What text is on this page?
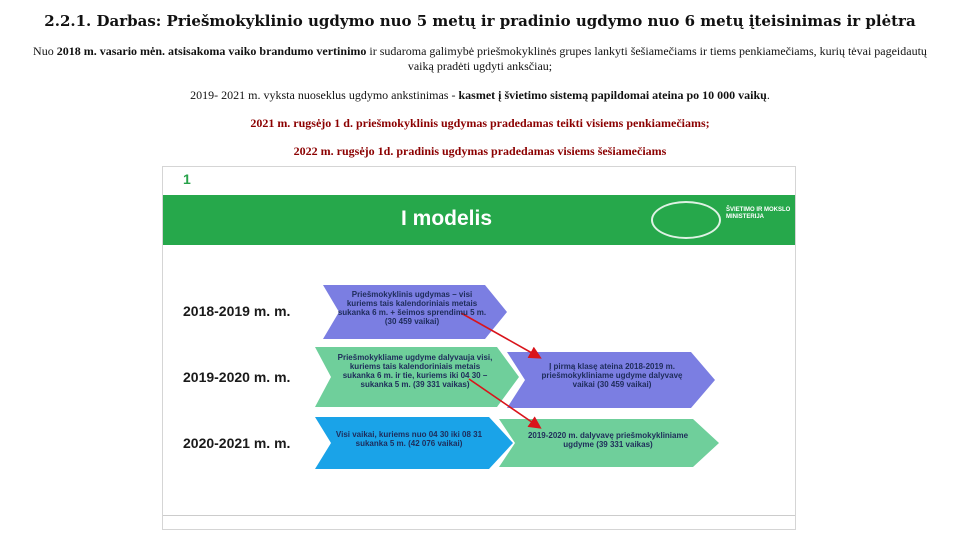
2.2.1. Darbas: Priešmokyklinio ugdymo nuo 5 metų ir pradinio ugdymo nuo 6 metų įteisinimas ir plėtra
Nuo 2018 m. vasario mėn. atsisakoma vaiko brandumo vertinimo ir sudaroma galimybė priešmokyklinės grupes lankyti šešiamečiams ir tiems penkiamečiams, kurių tėvai pageidautų vaiką pradėti ugdyti anksčiau;
2019- 2021 m. vyksta nuoseklus ugdymo ankstinimas - kasmet į švietimo sistemą papildomai ateina po 10 000 vaikų.
2021 m. rugsėjo 1 d. priešmokyklinis ugdymas pradedamas teikti visiems penkiamečiams;
2022 m. rugsėjo 1d. pradinis ugdymas pradedamas visiems šešiamečiams
1
I modelis	ŠVIETIMO IR MOKSLO MINISTERIJA
2018-2019 m. m.
2019-2020 m. m.
2020-2021 m. m.
Priešmokyklinis ugdymas – visi kuriems tais kalendoriniais metais sukanka 6 m. + šeimos sprendimu 5 m. (30 459 vaikai)
Priešmokykliame ugdyme dalyvauja visi, kuriems tais kalendoriniais metais sukanka 6 m. ir tie, kuriems iki 04 30 – sukanka 5 m. (39 331 vaikas)
Į pirmą klasę ateina 2018-2019 m. priešmokykliniame ugdyme dalyvavę vaikai (30 459 vaikai)
Visi vaikai, kuriems nuo 04 30 iki 08 31 sukanka 5 m. (42 076 vaikai)
2019-2020 m. dalyvavę priešmokykliniame ugdyme (39 331 vaikas)
